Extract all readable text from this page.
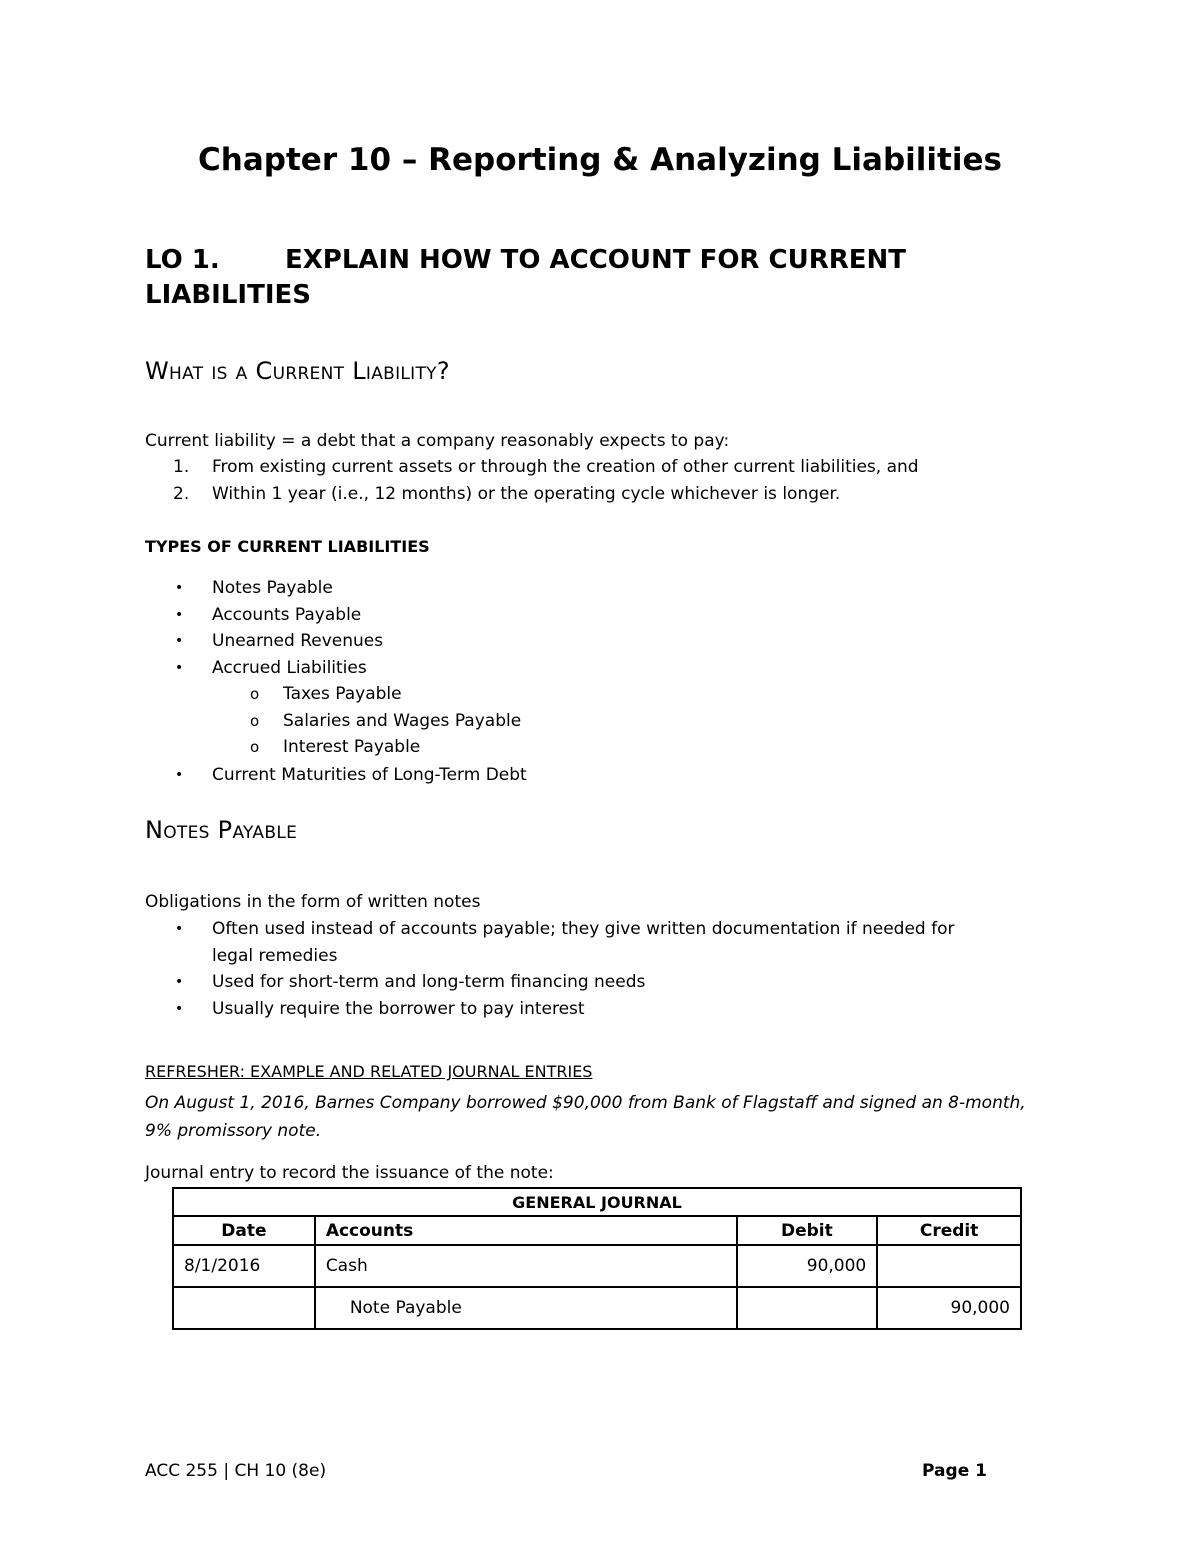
Chapter 10 – Reporting & Analyzing Liabilities
LO 1.	EXPLAIN HOW TO ACCOUNT FOR CURRENT LIABILITIES
What is a Current Liability?

Current liability = a debt that a company reasonably expects to pay:

1. From existing current assets or through the creation of other current liabilities, and
2. Within 1 year (i.e., 12 months) or the operating cycle whichever is longer.
TYPES OF CURRENT LIABILITIES
• Notes Payable
• Accounts Payable
• Unearned Revenues
• Accrued Liabilities
o Taxes Payable
o Salaries and Wages Payable
o Interest Payable
• Current Maturities of Long-Term Debt
Notes Payable

Obligations in the form of written notes

• Often used instead of accounts payable; they give written documentation if needed for legal remedies
• Used for short-term and long-term financing needs
• Usually require the borrower to pay interest
REFRESHER: EXAMPLE AND RELATED JOURNAL ENTRIES

On August 1, 2016, Barnes Company borrowed $90,000 from Bank of Flagstaff and signed an 8-month, 9% promissory note.

Journal entry to record the issuance of the note:

GENERAL JOURNAL			
Date	Accounts	Debit	Credit
8/1/2016	Cash	90,000	
	Note Payable		90,000
ACC 255 | CH 10 (8e)	Page 1
